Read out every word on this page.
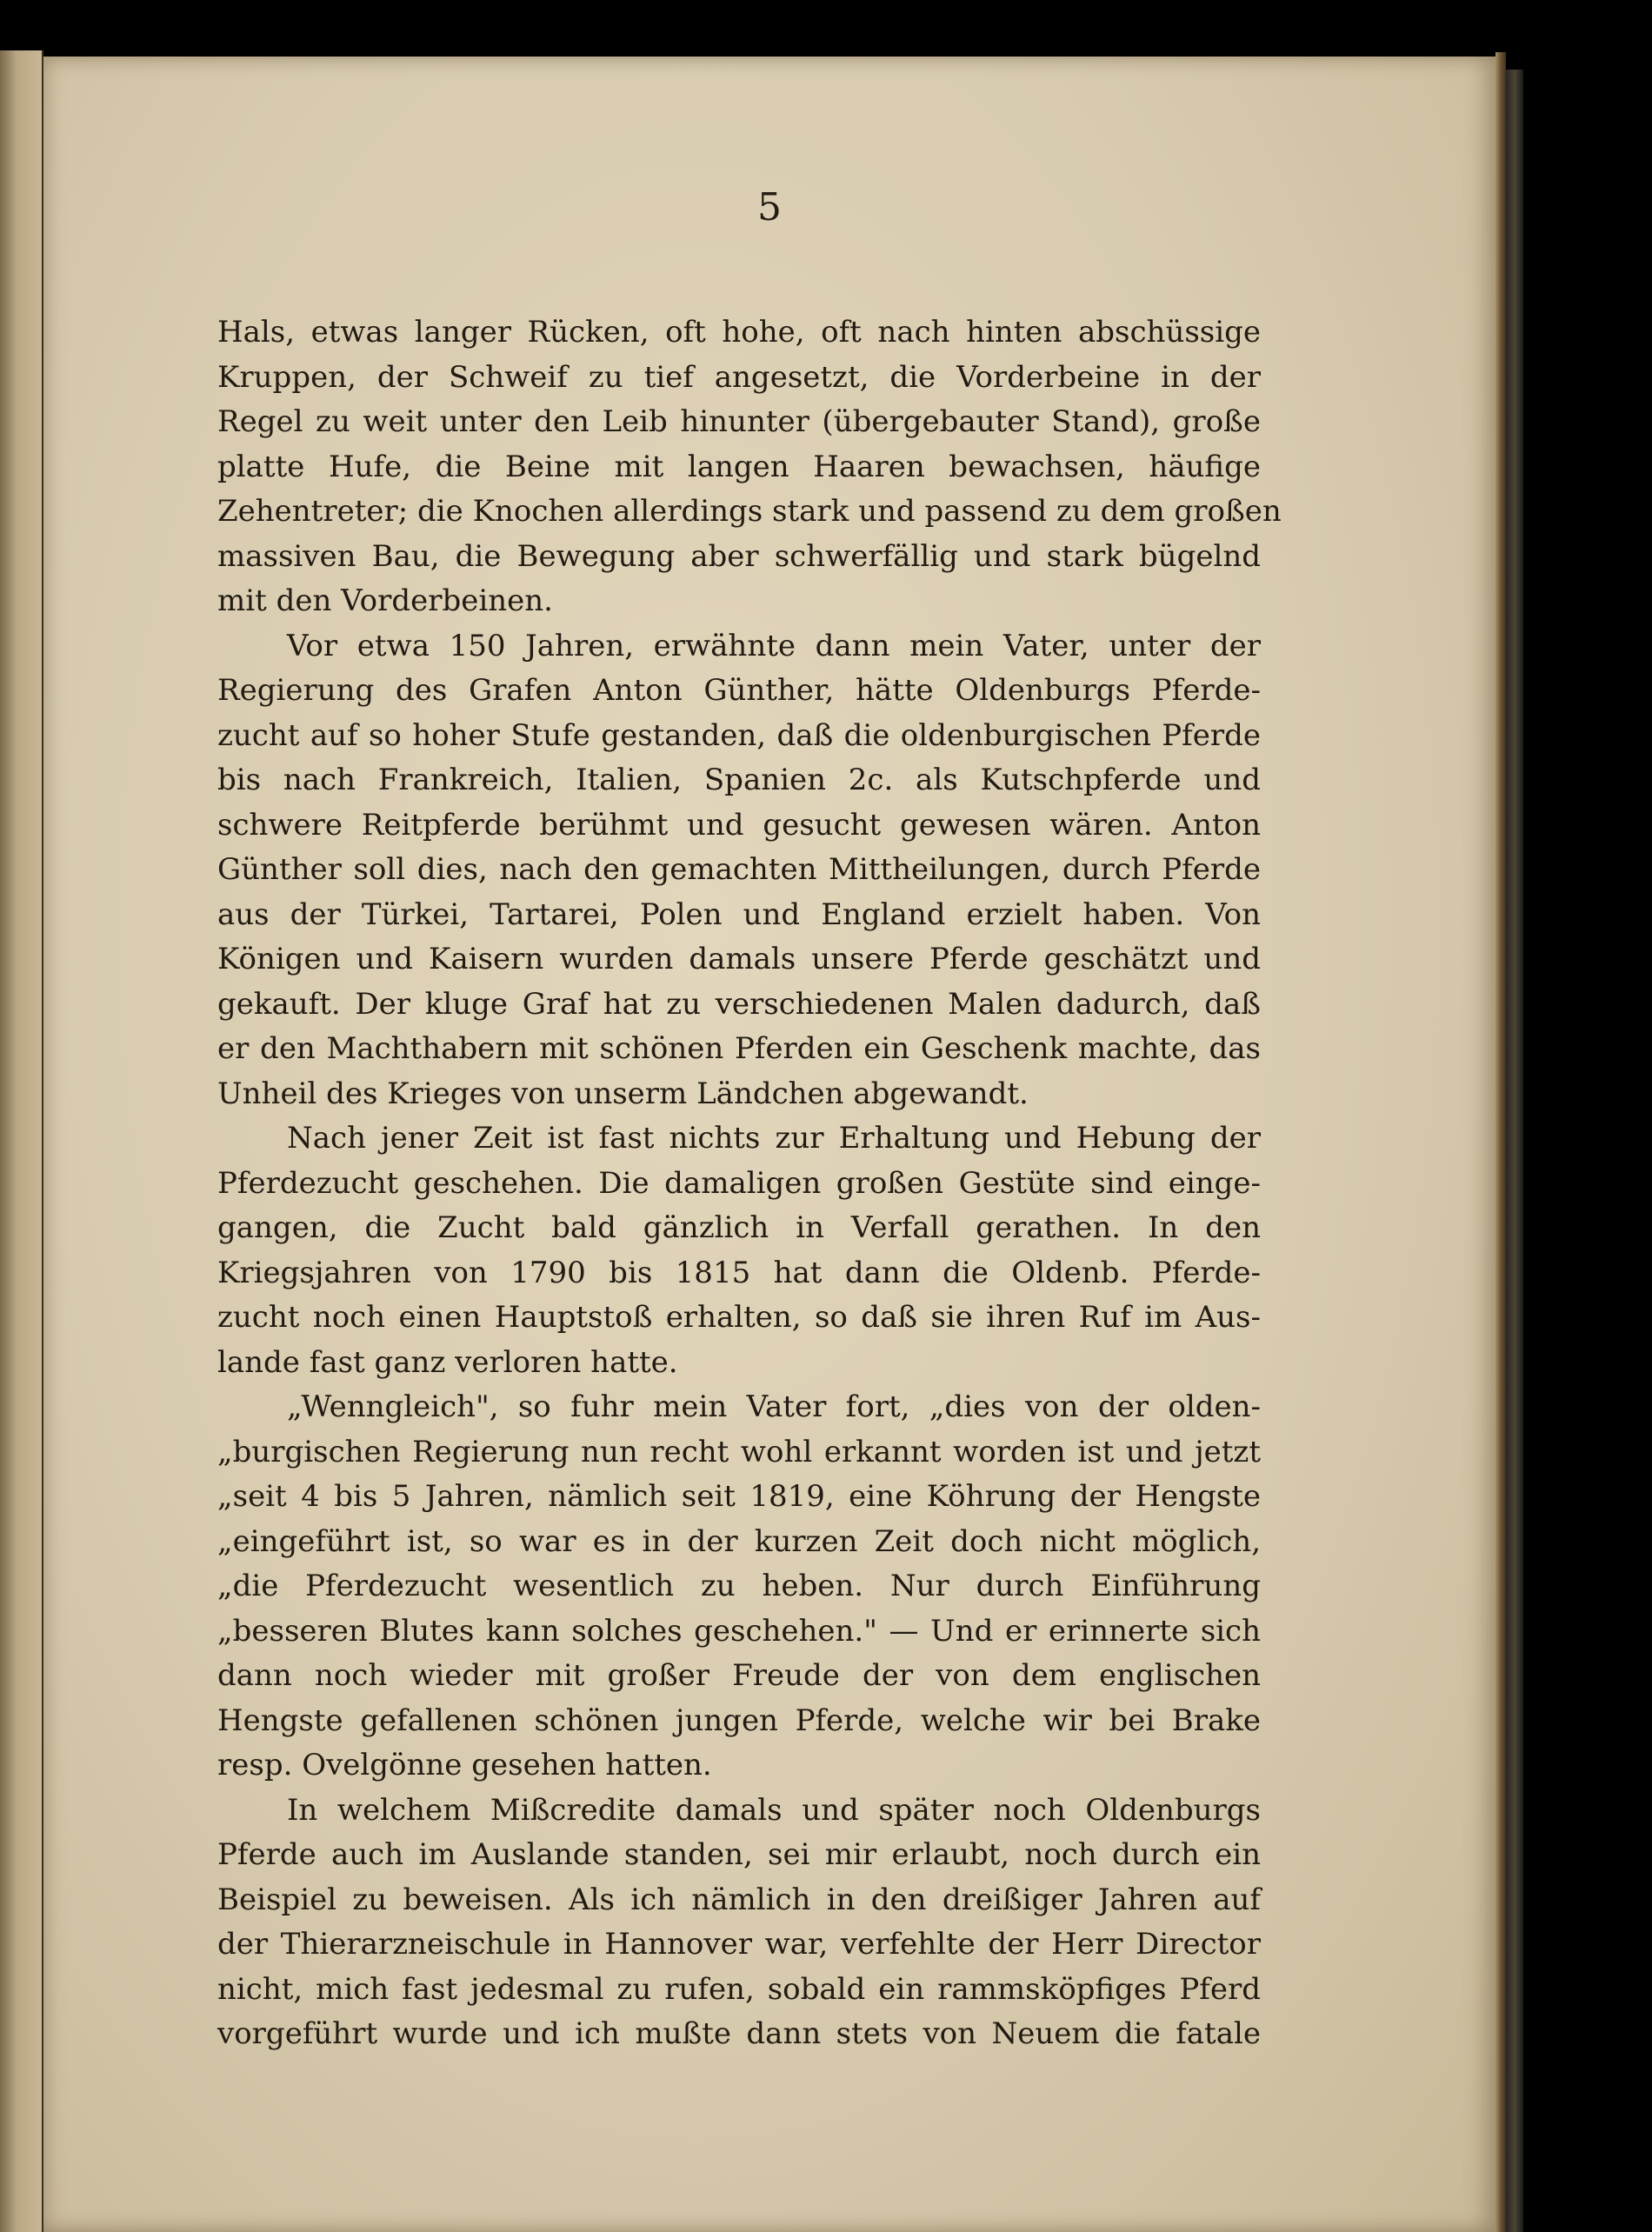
5
Hals, etwas langer Rücken, oft hohe, oft nach hinten abschüssige
Kruppen, der Schweif zu tief angesetzt, die Vorderbeine in der
Regel zu weit unter den Leib hinunter (übergebauter Stand), große
platte Hufe, die Beine mit langen Haaren bewachsen, häufige
Zehentreter; die Knochen allerdings stark und passend zu dem großen
massiven Bau, die Bewegung aber schwerfällig und stark bügelnd
mit den Vorderbeinen.
Vor etwa 150 Jahren, erwähnte dann mein Vater, unter der
Regierung des Grafen Anton Günther, hätte Oldenburgs Pferde-
zucht auf so hoher Stufe gestanden, daß die oldenburgischen Pferde
bis nach Frankreich, Italien, Spanien 2c. als Kutschpferde und
schwere Reitpferde berühmt und gesucht gewesen wären. Anton
Günther soll dies, nach den gemachten Mittheilungen, durch Pferde
aus der Türkei, Tartarei, Polen und England erzielt haben. Von
Königen und Kaisern wurden damals unsere Pferde geschätzt und
gekauft. Der kluge Graf hat zu verschiedenen Malen dadurch, daß
er den Machthabern mit schönen Pferden ein Geschenk machte, das
Unheil des Krieges von unserm Ländchen abgewandt.
Nach jener Zeit ist fast nichts zur Erhaltung und Hebung der
Pferdezucht geschehen. Die damaligen großen Gestüte sind einge-
gangen, die Zucht bald gänzlich in Verfall gerathen. In den
Kriegsjahren von 1790 bis 1815 hat dann die Oldenb. Pferde-
zucht noch einen Hauptstoß erhalten, so daß sie ihren Ruf im Aus-
lande fast ganz verloren hatte.
„Wenngleich", so fuhr mein Vater fort, „dies von der olden-
„burgischen Regierung nun recht wohl erkannt worden ist und jetzt
„seit 4 bis 5 Jahren, nämlich seit 1819, eine Köhrung der Hengste
„eingeführt ist, so war es in der kurzen Zeit doch nicht möglich,
„die Pferdezucht wesentlich zu heben. Nur durch Einführung
„besseren Blutes kann solches geschehen." — Und er erinnerte sich
dann noch wieder mit großer Freude der von dem englischen
Hengste gefallenen schönen jungen Pferde, welche wir bei Brake
resp. Ovelgönne gesehen hatten.
In welchem Mißcredite damals und später noch Oldenburgs
Pferde auch im Auslande standen, sei mir erlaubt, noch durch ein
Beispiel zu beweisen. Als ich nämlich in den dreißiger Jahren auf
der Thierarzneischule in Hannover war, verfehlte der Herr Director
nicht, mich fast jedesmal zu rufen, sobald ein rammsköpfiges Pferd
vorgeführt wurde und ich mußte dann stets von Neuem die fatale
